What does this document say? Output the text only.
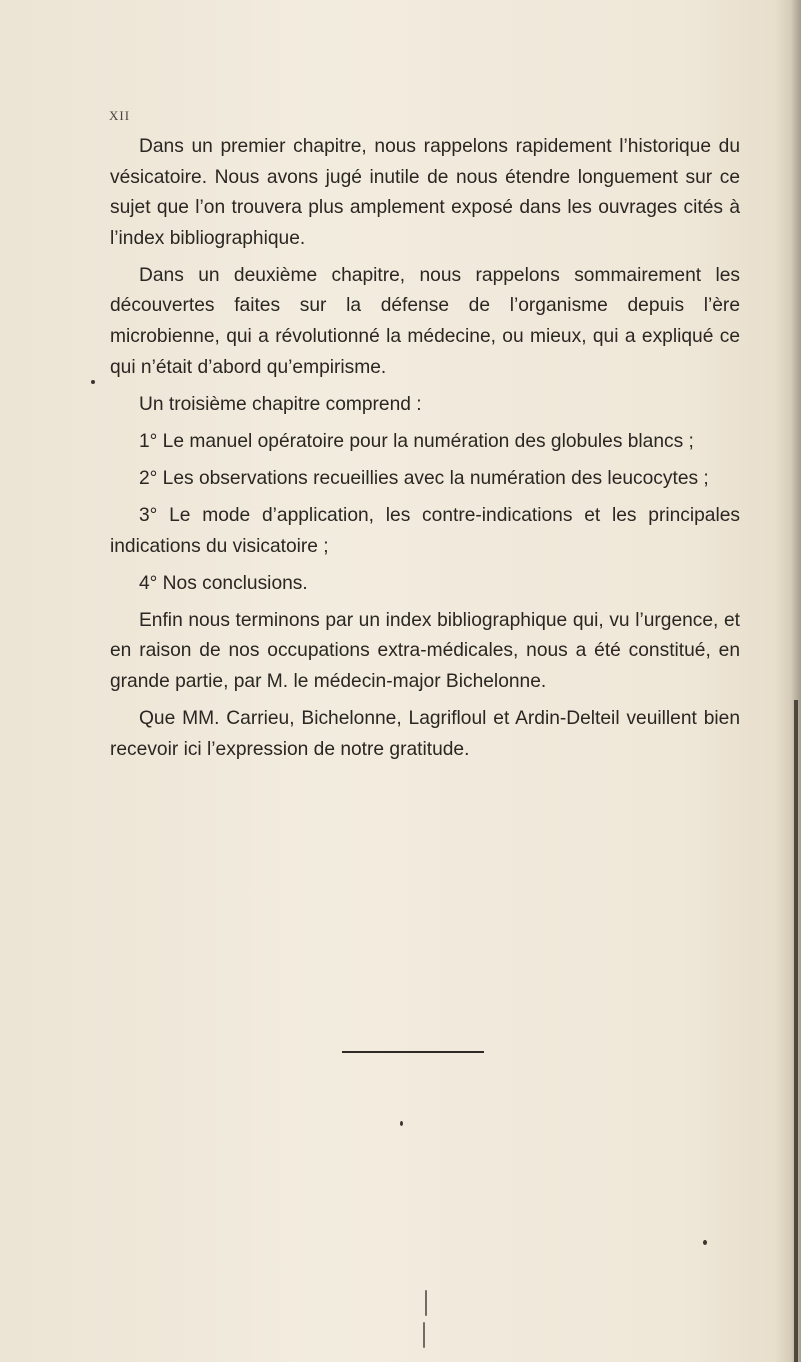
XII

Dans un premier chapitre, nous rappelons rapidement l’historique du vésicatoire. Nous avons jugé inutile de nous étendre longuement sur ce sujet que l’on trouvera plus amplement exposé dans les ouvrages cités à l’index bibliographique.

Dans un deuxième chapitre, nous rappelons sommairement les découvertes faites sur la défense de l’organisme depuis l’ère microbienne, qui a révolutionné la médecine, ou mieux, qui a expliqué ce qui n’était d’abord qu’empirisme.

Un troisième chapitre comprend :

1° Le manuel opératoire pour la numération des globules blancs ;

2° Les observations recueillies avec la numération des leucocytes ;

3° Le mode d’application, les contre-indications et les principales indications du visicatoire ;

4° Nos conclusions.

Enfin nous terminons par un index bibliographique qui, vu l’urgence, et en raison de nos occupations extra-médicales, nous a été constitué, en grande partie, par M. le médecin-major Bichelonne.

Que MM. Carrieu, Bichelonne, Lagrifloul et Ardin-Delteil veuillent bien recevoir ici l’expression de notre gratitude.
